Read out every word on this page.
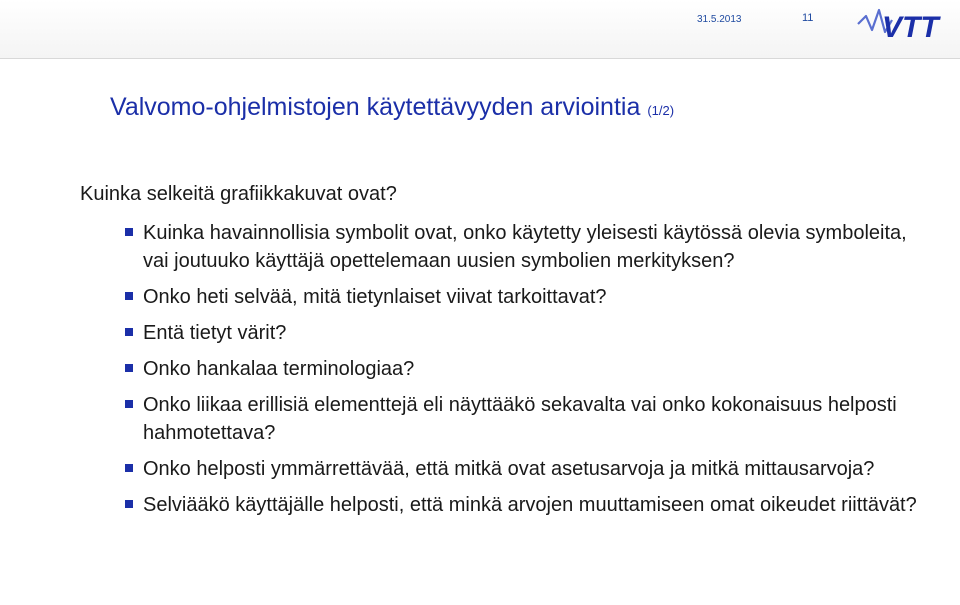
31.5.2013	11 VTT
Valvomo-ohjelmistojen käytettävyyden arviointia (1/2)
Kuinka selkeitä grafiikkakuvat ovat?
Kuinka havainnollisia symbolit ovat, onko käytetty yleisesti käytössä olevia symboleita, vai joutuuko käyttäjä opettelemaan uusien symbolien merkityksen?
Onko heti selvää, mitä tietynlaiset viivat tarkoittavat?
Entä tietyt värit?
Onko hankalaa terminologiaa?
Onko liikaa erillisiä elementtejä eli näyttääkö sekavalta vai onko kokonaisuus helposti hahmotettava?
Onko helposti ymmärrettävää, että mitkä ovat asetusarvoja ja mitkä mittausarvoja?
Selviääkö käyttäjälle helposti, että minkä arvojen muuttamiseen omat oikeudet riittävät?
